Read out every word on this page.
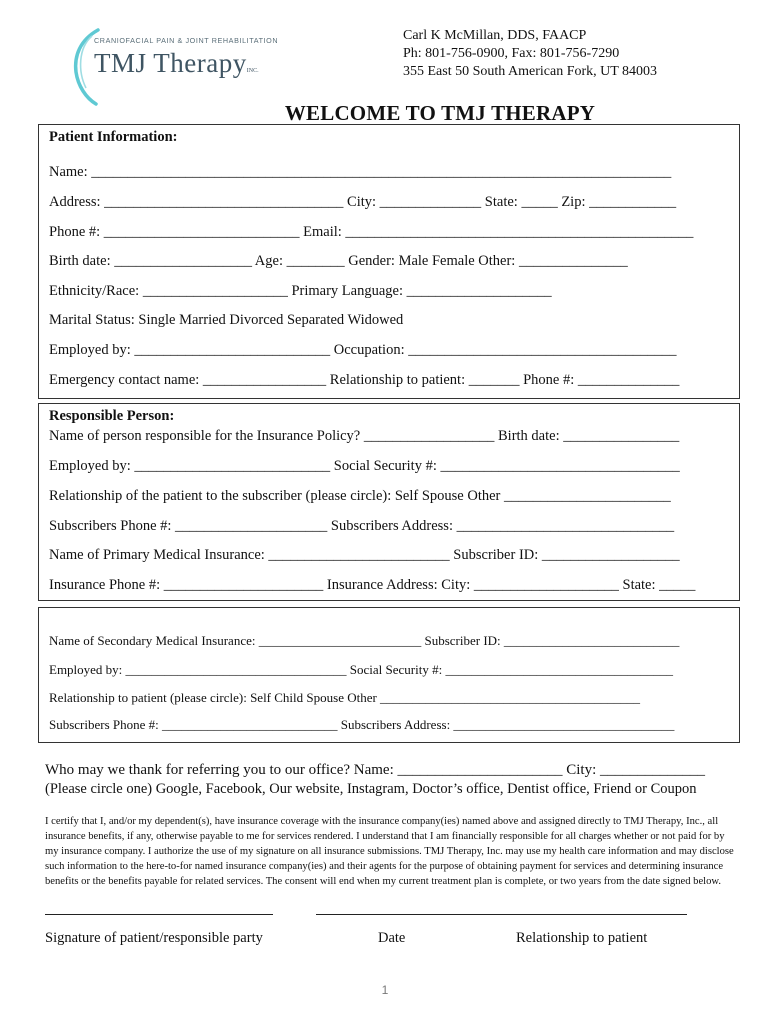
CRANIOFACIAL PAIN & JOINT REHABILITATION
TMJ TherapyINC.
Carl K McMillan, DDS, FAACP
Ph: 801-756-0900, Fax: 801-756-7290
355 East 50 South American Fork, UT 84003
WELCOME TO TMJ THERAPY
Patient Information:
Name: ________________________________________________________________________________
Address: _________________________________ City: ______________ State: _____ Zip: ____________
Phone #: ___________________________ Email: ________________________________________________
Birth date: ___________________ Age: ________ Gender: Male Female Other: _______________
Ethnicity/Race: ____________________ Primary Language: ____________________
Marital Status: Single Married Divorced Separated Widowed
Employed by: ___________________________ Occupation: _____________________________________
Emergency contact name: _________________ Relationship to patient: _______ Phone #: ______________
Responsible Person:
Name of person responsible for the Insurance Policy? __________________ Birth date: ________________
Employed by: ___________________________ Social Security #: _________________________________
Relationship of the patient to the subscriber (please circle): Self Spouse Other _______________________
Subscribers Phone #: _____________________ Subscribers Address: ______________________________
Name of Primary Medical Insurance: _________________________ Subscriber ID: ___________________
Insurance Phone #: ______________________ Insurance Address: City: ____________________ State: _____
Name of Secondary Medical Insurance: _________________________ Subscriber ID: ___________________________
Employed by: __________________________________ Social Security #: ___________________________________
Relationship to patient (please circle): Self Child Spouse Other ________________________________________
Subscribers Phone #: ___________________________ Subscribers Address: __________________________________
Who may we thank for referring you to our office? Name: ______________________ City: ______________
(Please circle one) Google, Facebook, Our website, Instagram, Doctor’s office, Dentist office, Friend or Coupon
I certify that I, and/or my dependent(s), have insurance coverage with the insurance company(ies) named above and assigned directly to TMJ Therapy, Inc., all insurance benefits, if any, otherwise payable to me for services rendered. I understand that I am financially responsible for all charges whether or not paid for by my insurance company. I authorize the use of my signature on all insurance submissions. TMJ Therapy, Inc. may use my health care information and may disclose such information to the here-to-for named insurance company(ies) and their agents for the purpose of obtaining payment for services and determining insurance benefits or the benefits payable for related services. The consent will end when my current treatment plan is complete, or two years from the date signed below.
Signature of patient/responsible party	Date	Relationship to patient
1
